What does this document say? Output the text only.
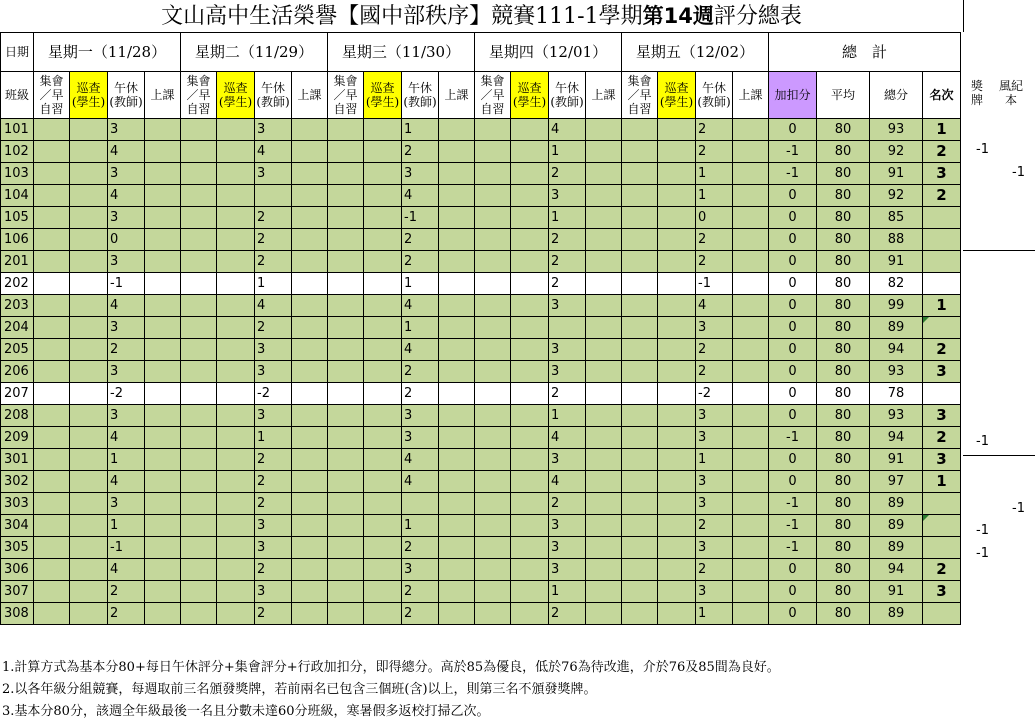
文山高中生活榮譽【國中部秩序】競賽111-1學期第14週評分總表
日期	星期一（11/28）				星期二（11/29）				星期三（11/30）				星期四（12/01）				星期五（12/02）				總　計			
班級	集會／早自習	巡查(學生)	午休(教師)	上課	集會／早自習	巡查(學生)	午休(教師)	上課	集會／早自習	巡查(學生)	午休(教師)	上課	集會／早自習	巡查(學生)	午休(教師)	上課	集會／早自習	巡查(學生)	午休(教師)	上課	加扣分	平均	總分	名次
101			3				3				1				4				2		0	80	93	1
102			4				4				2				1				2		-1	80	92	2
103			3				3				3				2				1		-1	80	91	3
104			4								4				3				1		0	80	92	2
105			3				2				-1				1				0		0	80	85	
106			0				2				2				2				2		0	80	88	
201			3				2				2				2				2		0	80	91	
202			-1				1				1				2				-1		0	80	82	
203			4				4				4				3				4		0	80	99	1
204			3				2				1								3		0	80	89	
205			2				3				4				3				2		0	80	94	2
206			3				3				2				3				2		0	80	93	3
207			-2				-2				2				2				-2		0	80	78	
208			3				3				3				1				3		0	80	93	3
209			4				1				3				4				3		-1	80	94	2
301			1				2				4				3				1		0	80	91	3
302			4				2				4				4				3		0	80	97	1
303			3				2								2				3		-1	80	89	
304			1				3				1				3				2		-1	80	89	
305			-1				3				2				3				3		-1	80	89	
306			4				2				3				3				2		0	80	94	2
307			2				3				2				1				3		0	80	91	3
308			2				2				2				2				1		0	80	89	
獎牌
風紀本
-1
-1
-1
-1
-1
-1
1.計算方式為基本分80+每日午休評分+集會評分+行政加扣分，即得總分。高於85為優良，低於76為待改進，介於76及85間為良好。
2.以各年級分組競賽，每週取前三名頒發獎牌，若前兩名已包含三個班(含)以上，則第三名不頒發獎牌。
3.基本分80分，該週全年級最後一名且分數未達60分班級，寒暑假多返校打掃乙次。
